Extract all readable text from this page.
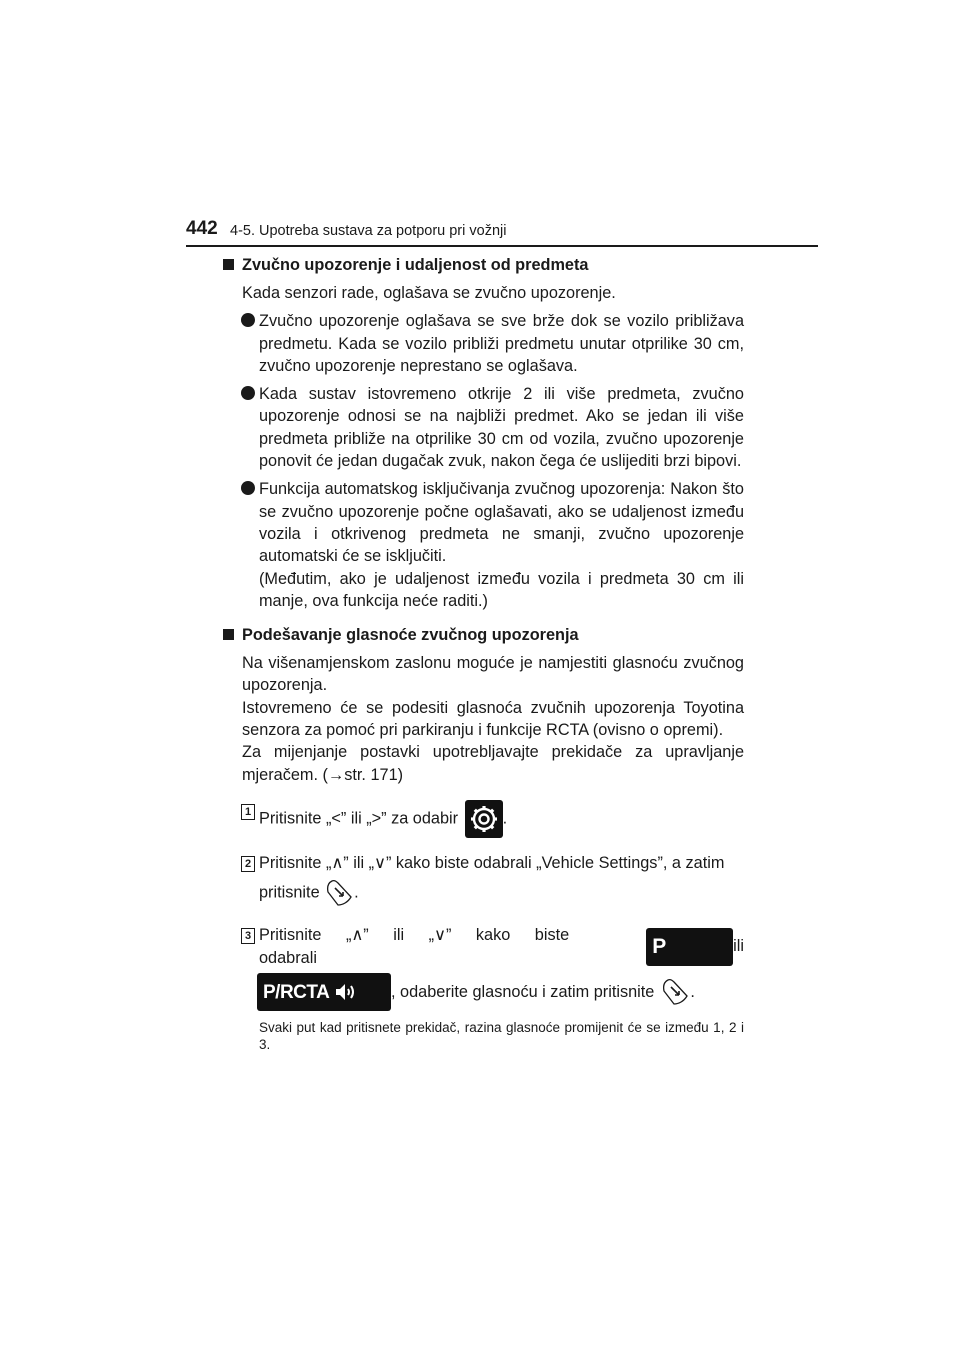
442 4-5. Upotreba sustava za potporu pri vožnji
Zvučno upozorenje i udaljenost od predmeta
Kada senzori rade, oglašava se zvučno upozorenje.
Zvučno upozorenje oglašava se sve brže dok se vozilo približava predmetu. Kada se vozilo približi predmetu unutar otprilike 30 cm, zvučno upozorenje neprestano se oglašava.
Kada sustav istovremeno otkrije 2 ili više predmeta, zvučno upozorenje odnosi se na najbliži predmet. Ako se jedan ili više predmeta približe na otprilike 30 cm od vozila, zvučno upozorenje ponovit će jedan dugačak zvuk, nakon čega će uslijediti brzi bipovi.
Funkcija automatskog isključivanja zvučnog upozorenja: Nakon što se zvučno upozorenje počne oglašavati, ako se udaljenost između vozila i otkrivenog predmeta ne smanji, zvučno upozorenje automatski će se isključiti.
(Međutim, ako je udaljenost između vozila i predmeta 30 cm ili manje, ova funkcija neće raditi.)
Podešavanje glasnoće zvučnog upozorenja
Na višenamjenskom zaslonu moguće je namjestiti glasnoću zvučnog upozorenja.
Istovremeno će se podesiti glasnoća zvučnih upozorenja Toyotina senzora za pomoć pri parkiranju i funkcije RCTA (ovisno o opremi).
Za mijenjanje postavki upotrebljavajte prekidače za upravljanje mjeračem. (→str. 171)
1 Pritisnite „<” ili „>” za odabir	.
2 Pritisnite „∧” ili „∨” kako biste odabrali „Vehicle Settings”, a zatim
pritisnite .
3 Pritisnite „∧” ili „∨” kako biste odabrali	P	ili
P/RCTA	, odaberite glasnoću i zatim pritisnite .
Svaki put kad pritisnete prekidač, razina glasnoće promijenit će se između 1, 2 i 3.
